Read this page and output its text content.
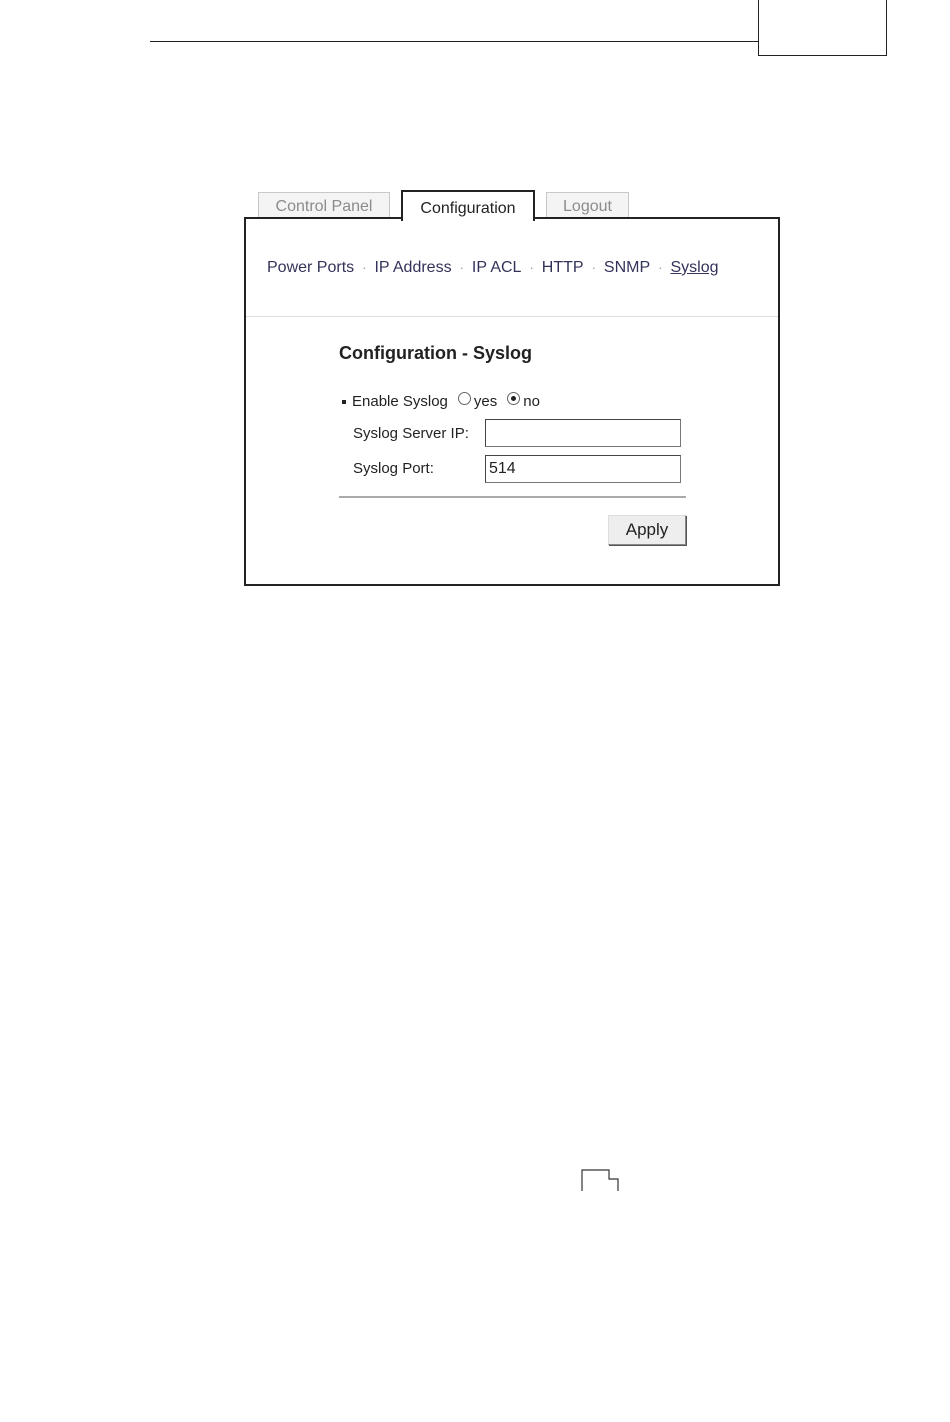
Control Panel	Configuration	Logout
Power Ports · IP Address · IP ACL · HTTP · SNMP · Syslog
Configuration - Syslog
Enable Syslog yes no
Syslog Server IP:
Syslog Port:
514
Apply
